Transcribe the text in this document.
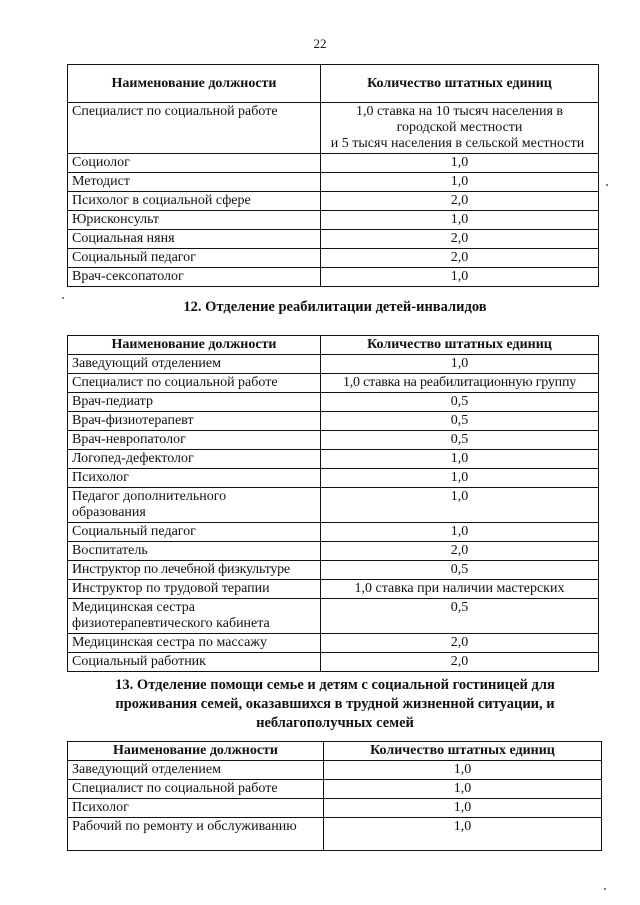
22
Наименование должности	Количество штатных единиц
Специалист по социальной работе	1,0 ставка на 10 тысяч населения в
городской местности
и 5 тысяч населения в сельской местности

Социолог	1,0
Методист	1,0
Психолог в социальной сфере	2,0
Юрисконсульт	1,0
Социальная няня	2,0
Социальный педагог	2,0
Врач-сексопатолог	1,0
12. Отделение реабилитации детей-инвалидов
Наименование должности	Количество штатных единиц
Заведующий отделением	1,0
Специалист по социальной работе	1,0 ставка на реабилитационную группу
Врач-педиатр	0,5
Врач-физиотерапевт	0,5
Врач-невропатолог	0,5
Логопед-дефектолог	1,0
Психолог	1,0

Педагог дополнительного
образования	1,0
Социальный педагог	1,0
Воспитатель	2,0
Инструктор по лечебной физкультуре	0,5
Инструктор по трудовой терапии	1,0 ставка при наличии мастерских

Медицинская сестра
физиотерапевтического кабинета	0,5
Медицинская сестра по массажу	2,0
Социальный работник	2,0
13. Отделение помощи семье и детям с социальной гостиницей для
проживания семей, оказавшихся в трудной жизненной ситуации, и
неблагополучных семей
Наименование должности	Количество штатных единиц
Заведующий отделением	1,0
Специалист по социальной работе	1,0
Психолог	1,0
Рабочий по ремонту и обслуживанию	1,0
